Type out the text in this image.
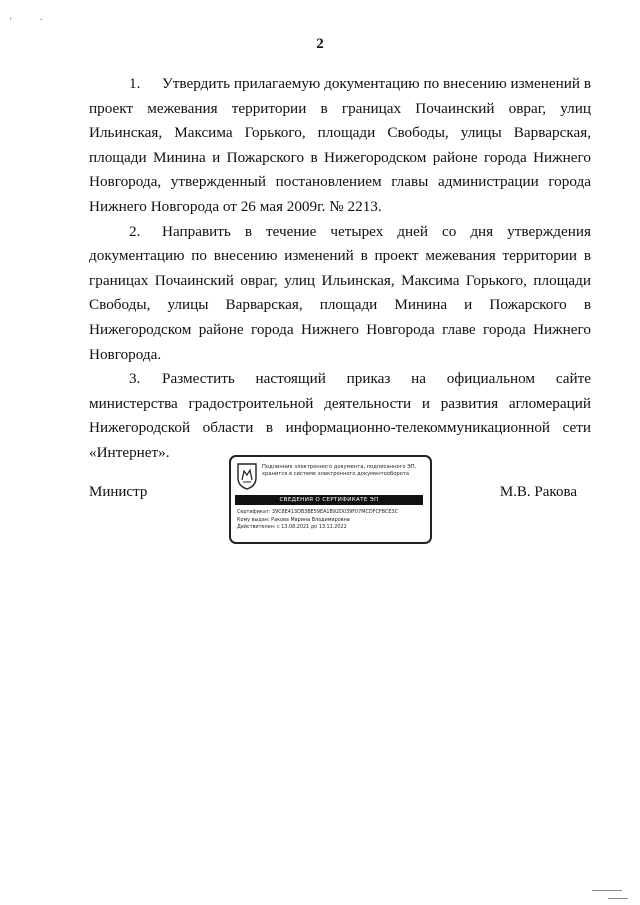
'	.
2

1. Утвердить прилагаемую документацию по внесению изменений в проект межевания территории в границах Почаинский овраг, улиц Ильинская, Максима Горького, площади Свободы, улицы Варварская, площади Минина и Пожарского в Нижегородском районе города Нижнего Новгорода, утвержденный постановлением главы администрации города Нижнего Новгорода от 26 мая 2009г. № 2213.

2. Направить в течение четырех дней со дня утверждения документацию по внесению изменений в проект межевания территории в границах Почаинский овраг, улиц Ильинская, Максима Горького, площади Свободы, улицы Варварская, площади Минина и Пожарского в Нижегородском районе города Нижнего Новгорода главе города Нижнего Новгорода.

3. Разместить настоящий приказ на официальном сайте министерства градостроительной деятельности и развития агломераций Нижегородской области в информационно-телекоммуникационной сети «Интернет».

Министр	М.В. Ракова
Подлинник электронного документа, подписанного ЭП, хранится в системе электронного документооборота
СВЕДЕНИЯ О СЕРТИФИКАТЕ ЭП
Сертификат: 39C8E413DB3BE59EA1B92D039F07MCDFCFBCE3C
Кому выдан: Ракова Марина Владимировна
Действителен: с 13.08.2021 до 13.11.2022
